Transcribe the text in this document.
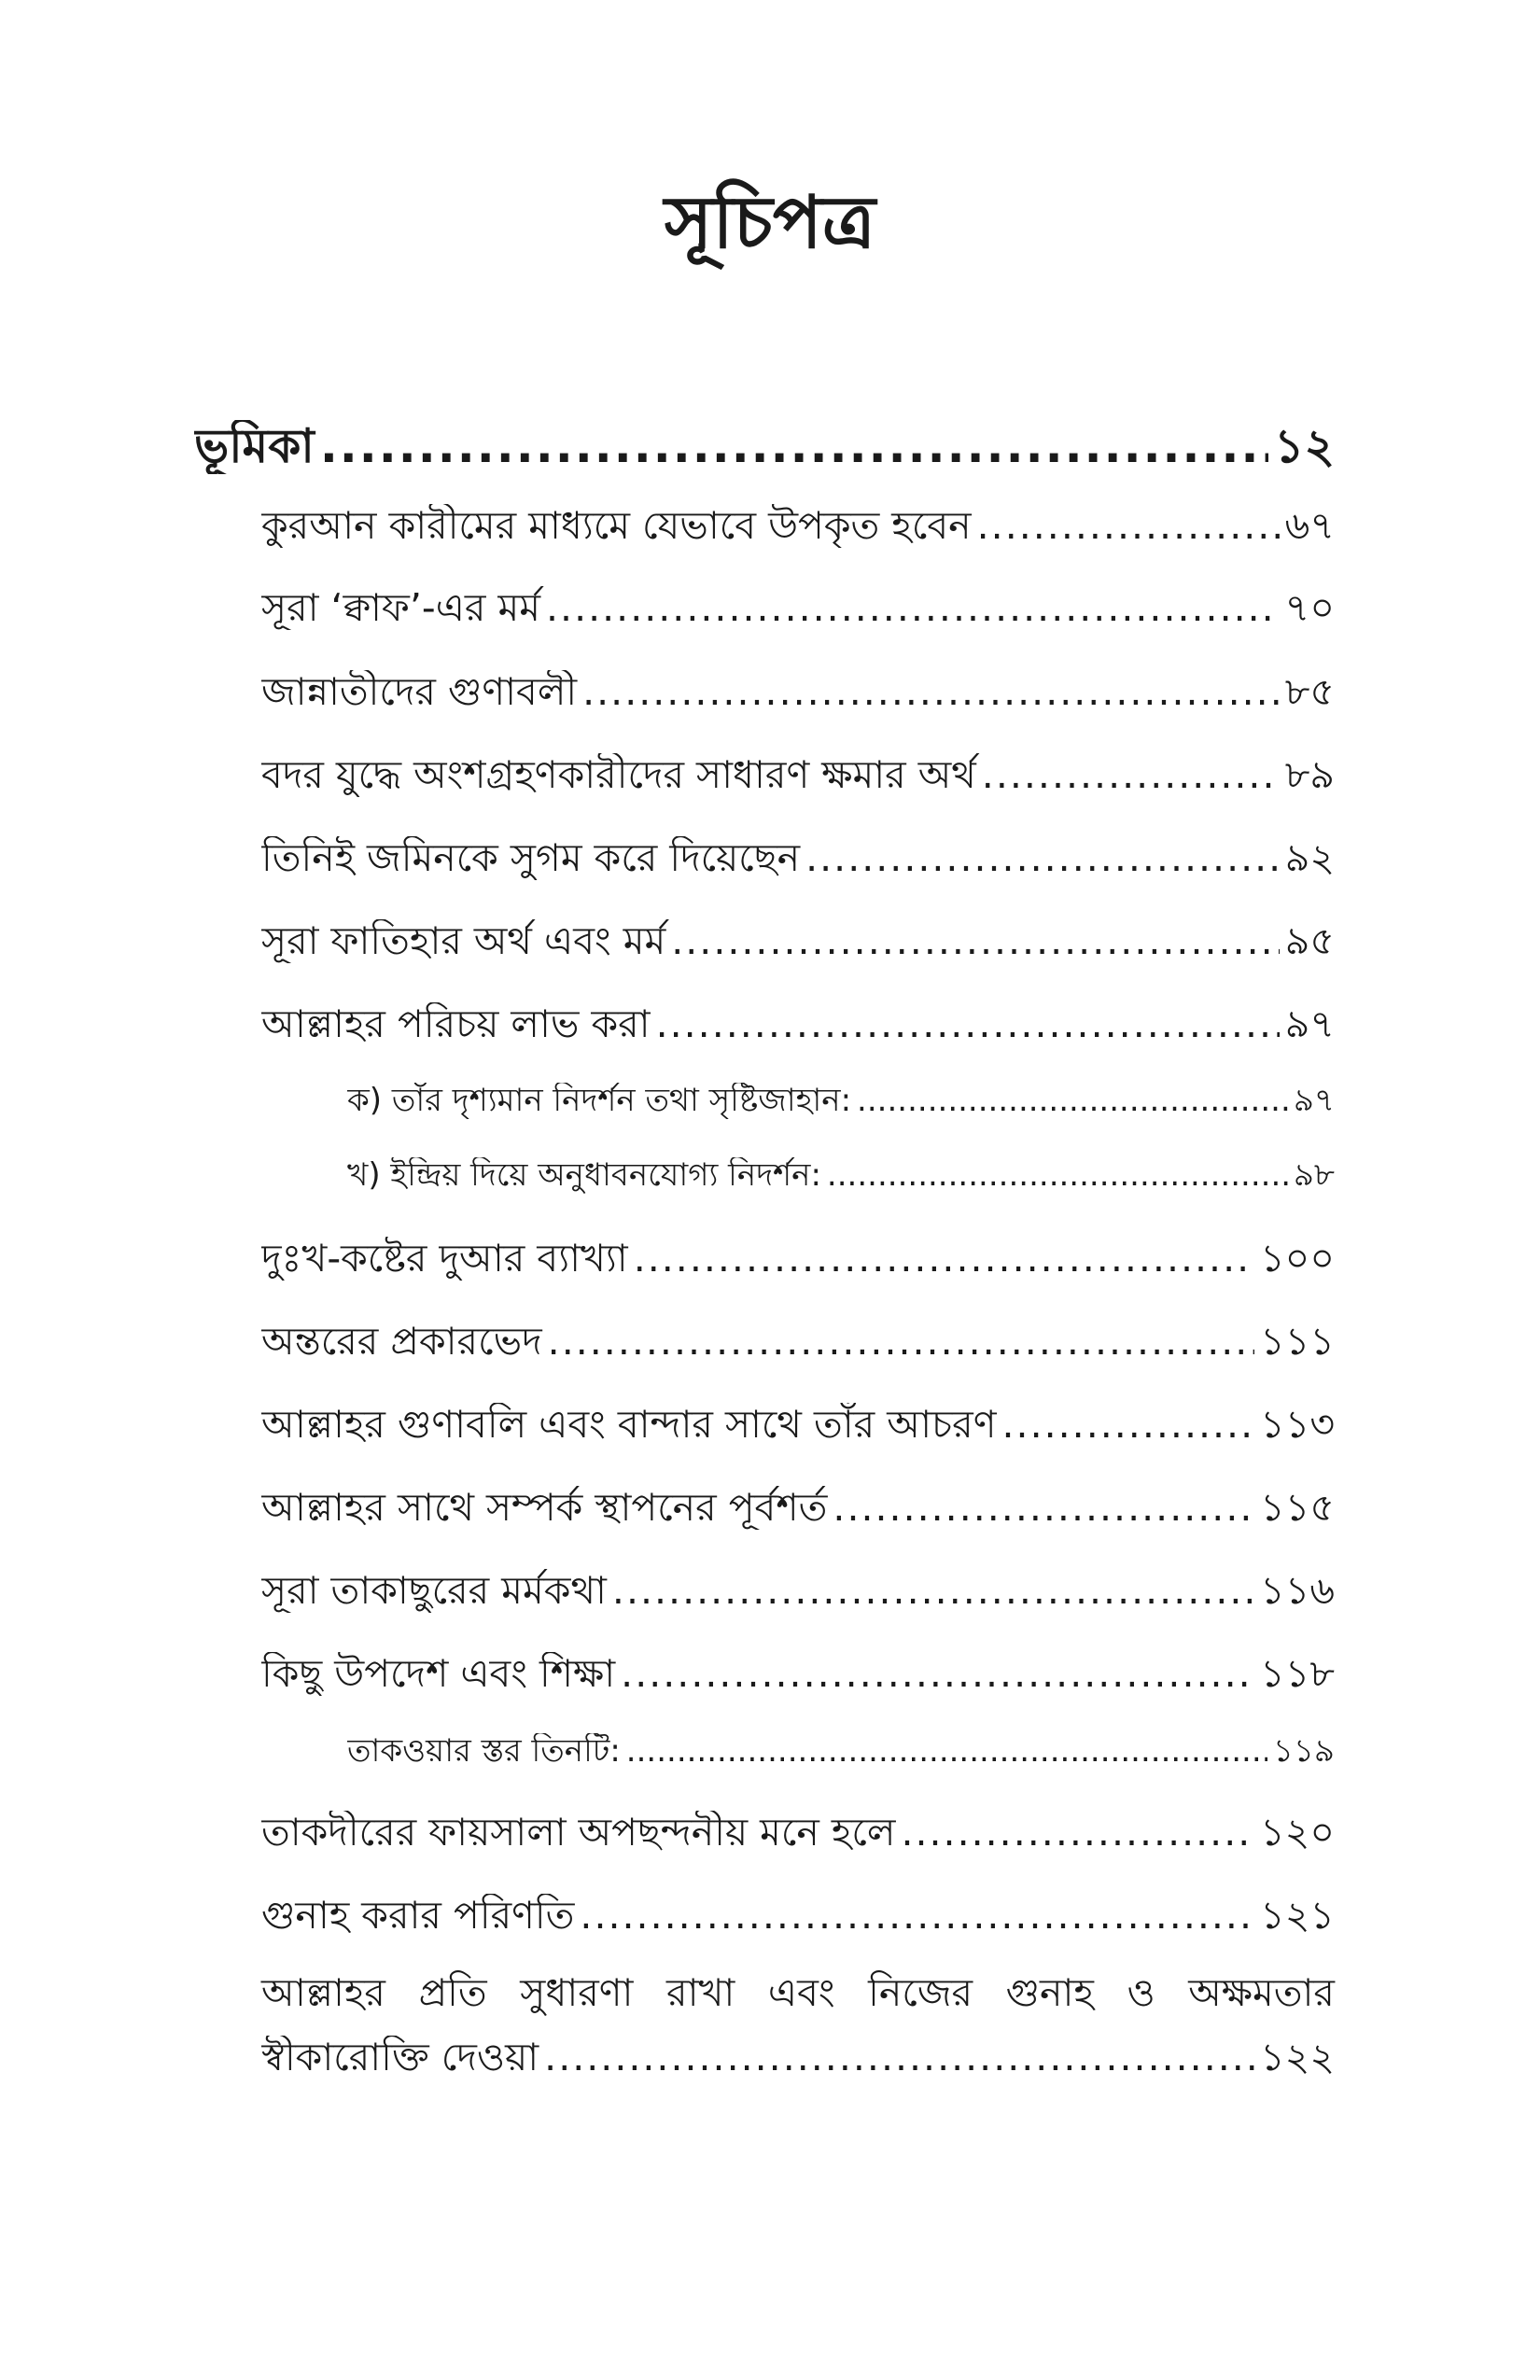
সূচিপত্র
ভূমিকা .....	১২
কুরআন কারীমের মাধ্যমে যেভাবে উপকৃত হবেন .....	৬৭
সূরা ‘ক্বাফ’-এর মর্ম .....	৭০
জান্নাতীদের গুণাবলী .....	৮৫
বদর যুদ্ধে অংশগ্রহণকারীদের সাধারণ ক্ষমার অর্থ .....	৮৯
তিনিই জমিনকে সুগম করে দিয়েছেন .....	৯২
সূরা ফাতিহার অর্থ এবং মর্ম .....	৯৫
আল্লাহর পরিচয় লাভ করা .....	৯৭
ক) তাঁর দৃশ্যমান নিদর্শন তথা সৃষ্টিজাহান: .....	৯৭
খ) ইন্দ্রিয় দিয়ে অনুধাবনযোগ্য নিদর্শন: .....	৯৮
দুঃখ-কষ্টের দুআর ব্যাখ্যা .....	১০০
অন্তরের প্রকারভেদ .....	১১১
আল্লাহর গুণাবলি এবং বান্দার সাথে তাঁর আচরণ .....	১১৩
আল্লাহর সাথে সম্পর্ক স্থাপনের পূর্বশর্ত .....	১১৫
সূরা তাকাছুরের মর্মকথা .....	১১৬
কিছু উপদেশ এবং শিক্ষা .....	১১৮
তাকওয়ার স্তর তিনটি: .....	১১৯
তাকদীরের ফায়সালা অপছন্দনীয় মনে হলে .....	১২০
গুনাহ করার পরিণতি .....	১২১
আল্লাহর প্রতি সুধারণা রাখা এবং নিজের গুনাহ ও অক্ষমতার
স্বীকারোক্তি দেওয়া .....	১২২
